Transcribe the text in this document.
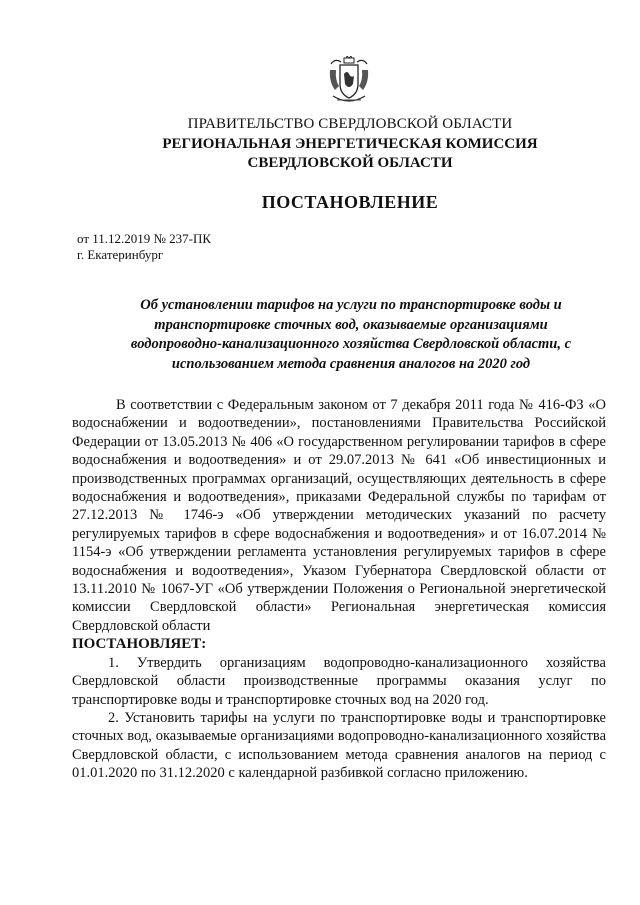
ПРАВИТЕЛЬСТВО СВЕРДЛОВСКОЙ ОБЛАСТИ
РЕГИОНАЛЬНАЯ ЭНЕРГЕТИЧЕСКАЯ КОМИССИЯ
СВЕРДЛОВСКОЙ ОБЛАСТИ
ПОСТАНОВЛЕНИЕ
от 11.12.2019 № 237-ПК
г. Екатеринбург
Об установлении тарифов на услуги по транспортировке воды и транспортировке сточных вод, оказываемые организациями водопроводно-канализационного хозяйства Свердловской области, с использованием метода сравнения аналогов на 2020 год

В соответствии с Федеральным законом от 7 декабря 2011 года № 416-ФЗ «О водоснабжении и водоотведении», постановлениями Правительства Российской Федерации от 13.05.2013 № 406 «О государственном регулировании тарифов в сфере водоснабжения и водоотведения» и от 29.07.2013 № 641 «Об инвестиционных и производственных программах организаций, осуществляющих деятельность в сфере водоснабжения и водоотведения», приказами Федеральной службы по тарифам от 27.12.2013 № 1746-э «Об утверждении методических указаний по расчету регулируемых тарифов в сфере водоснабжения и водоотведения» и от 16.07.2014 № 1154-э «Об утверждении регламента установления регулируемых тарифов в сфере водоснабжения и водоотведения», Указом Губернатора Свердловской области от 13.11.2010 № 1067-УГ «Об утверждении Положения о Региональной энергетической комиссии Свердловской области» Региональная энергетическая комиссия Свердловской области

ПОСТАНОВЛЯЕТ:

1. Утвердить организациям водопроводно-канализационного хозяйства Свердловской области производственные программы оказания услуг по транспортировке воды и транспортировке сточных вод на 2020 год.

2. Установить тарифы на услуги по транспортировке воды и транспортировке сточных вод, оказываемые организациями водопроводно-канализационного хозяйства Свердловской области, с использованием метода сравнения аналогов на период с 01.01.2020 по 31.12.2020 с календарной разбивкой согласно приложению.
